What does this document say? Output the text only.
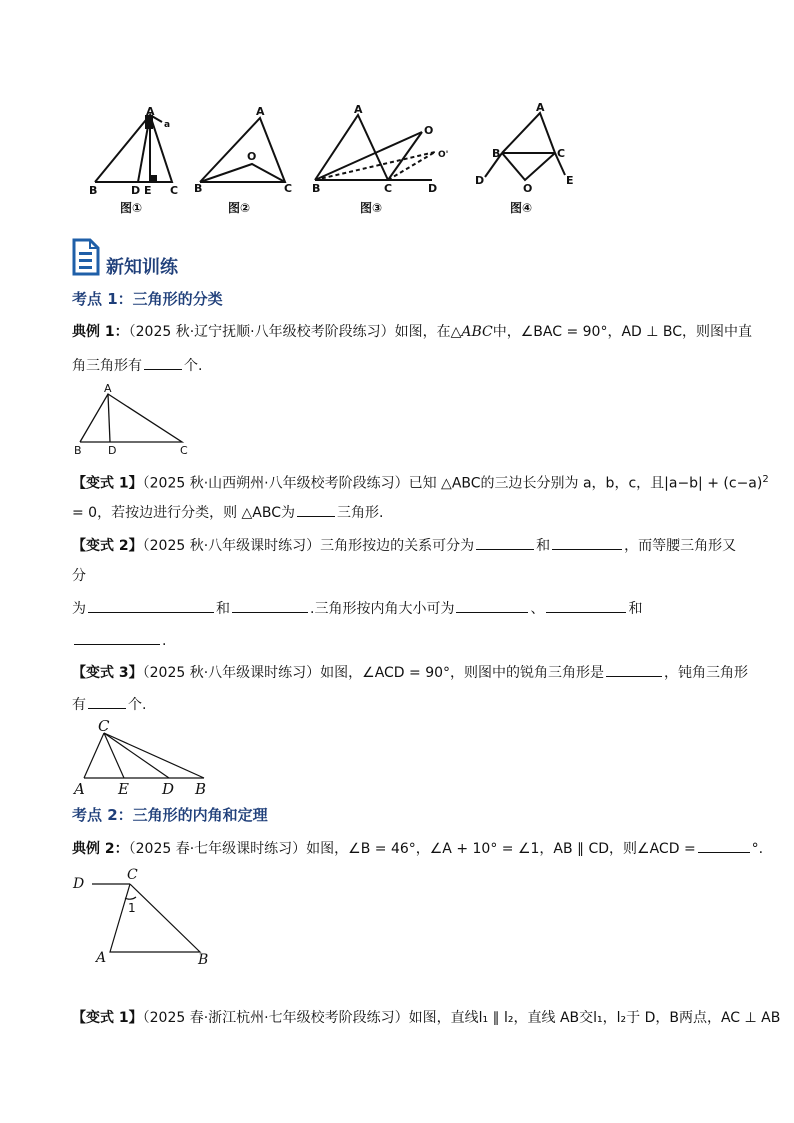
A
a
B	D E C
图①
A
O
B	C
图②
A
O
O'
B	C	D
图③
A
B	C
D
O
E
图④
新知训练
考点 1：三角形的分类
典例 1：（2025 秋·辽宁抚顺·八年级校考阶段练习）如图，在△ABC中，∠BAC = 90°，AD ⊥ BC，则图中直
角三角形有	个.
A
B D	C
【变式 1】（2025 秋·山西朔州·八年级校考阶段练习）已知 △ABC的三边长分别为 a，b，c，且$|a-b| + (c-a)^2$
= 0，若按边进行分类，则 △ABC为	三角形.
【变式 2】（2025 秋·八年级课时练习）三角形按边的关系可分为	和	，而等腰三角形又
分
为	和	.三角形按内角大小可为	、	和
.
【变式 3】（2025 秋·八年级课时练习）如图，∠ACD = 90°，则图中的锐角三角形是	，钝角三角形
有	个.
C
A E D B
考点 2：三角形的内角和定理
典例 2：（2025 春·七年级课时练习）如图，∠B = 46°，∠A + 10° = ∠1，AB ∥ CD，则∠ACD =	°.
D
C
1
A	B
【变式 1】（2025 春·浙江杭州·七年级校考阶段练习）如图，直线l₁ ∥ l₂，直线 AB交l₁，l₂于 D，B两点，AC ⊥ AB
